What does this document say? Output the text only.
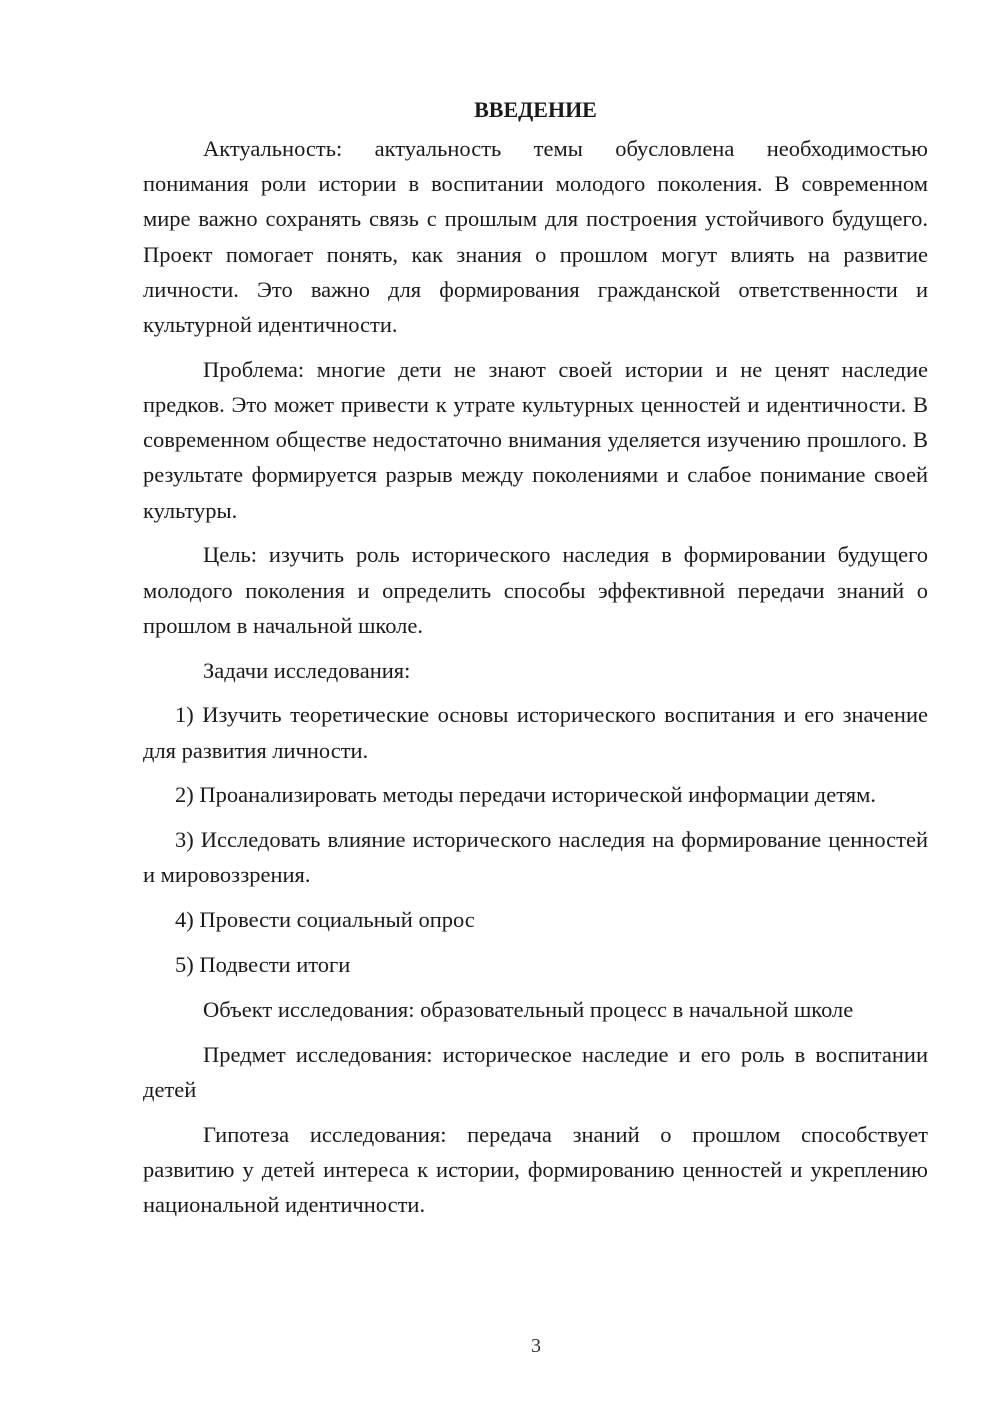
ВВЕДЕНИЕ

Актуальность: актуальность темы обусловлена необходимостью понимания роли истории в воспитании молодого поколения. В современном мире важно сохранять связь с прошлым для построения устойчивого будущего. Проект помогает понять, как знания о прошлом могут влиять на развитие личности. Это важно для формирования гражданской ответственности и культурной идентичности.

Проблема: многие дети не знают своей истории и не ценят наследие предков. Это может привести к утрате культурных ценностей и идентичности. В современном обществе недостаточно внимания уделяется изучению прошлого. В результате формируется разрыв между поколениями и слабое понимание своей культуры.

Цель: изучить роль исторического наследия в формировании будущего молодого поколения и определить способы эффективной передачи знаний о прошлом в начальной школе.

Задачи исследования:

1) Изучить теоретические основы исторического воспитания и его значение для развития личности.

2) Проанализировать методы передачи исторической информации детям.

3) Исследовать влияние исторического наследия на формирование ценностей и мировоззрения.

4) Провести социальный опрос

5) Подвести итоги

Объект исследования: образовательный процесс в начальной школе

Предмет исследования: историческое наследие и его роль в воспитании детей

Гипотеза исследования: передача знаний о прошлом способствует развитию у детей интереса к истории, формированию ценностей и укреплению национальной идентичности.

3
